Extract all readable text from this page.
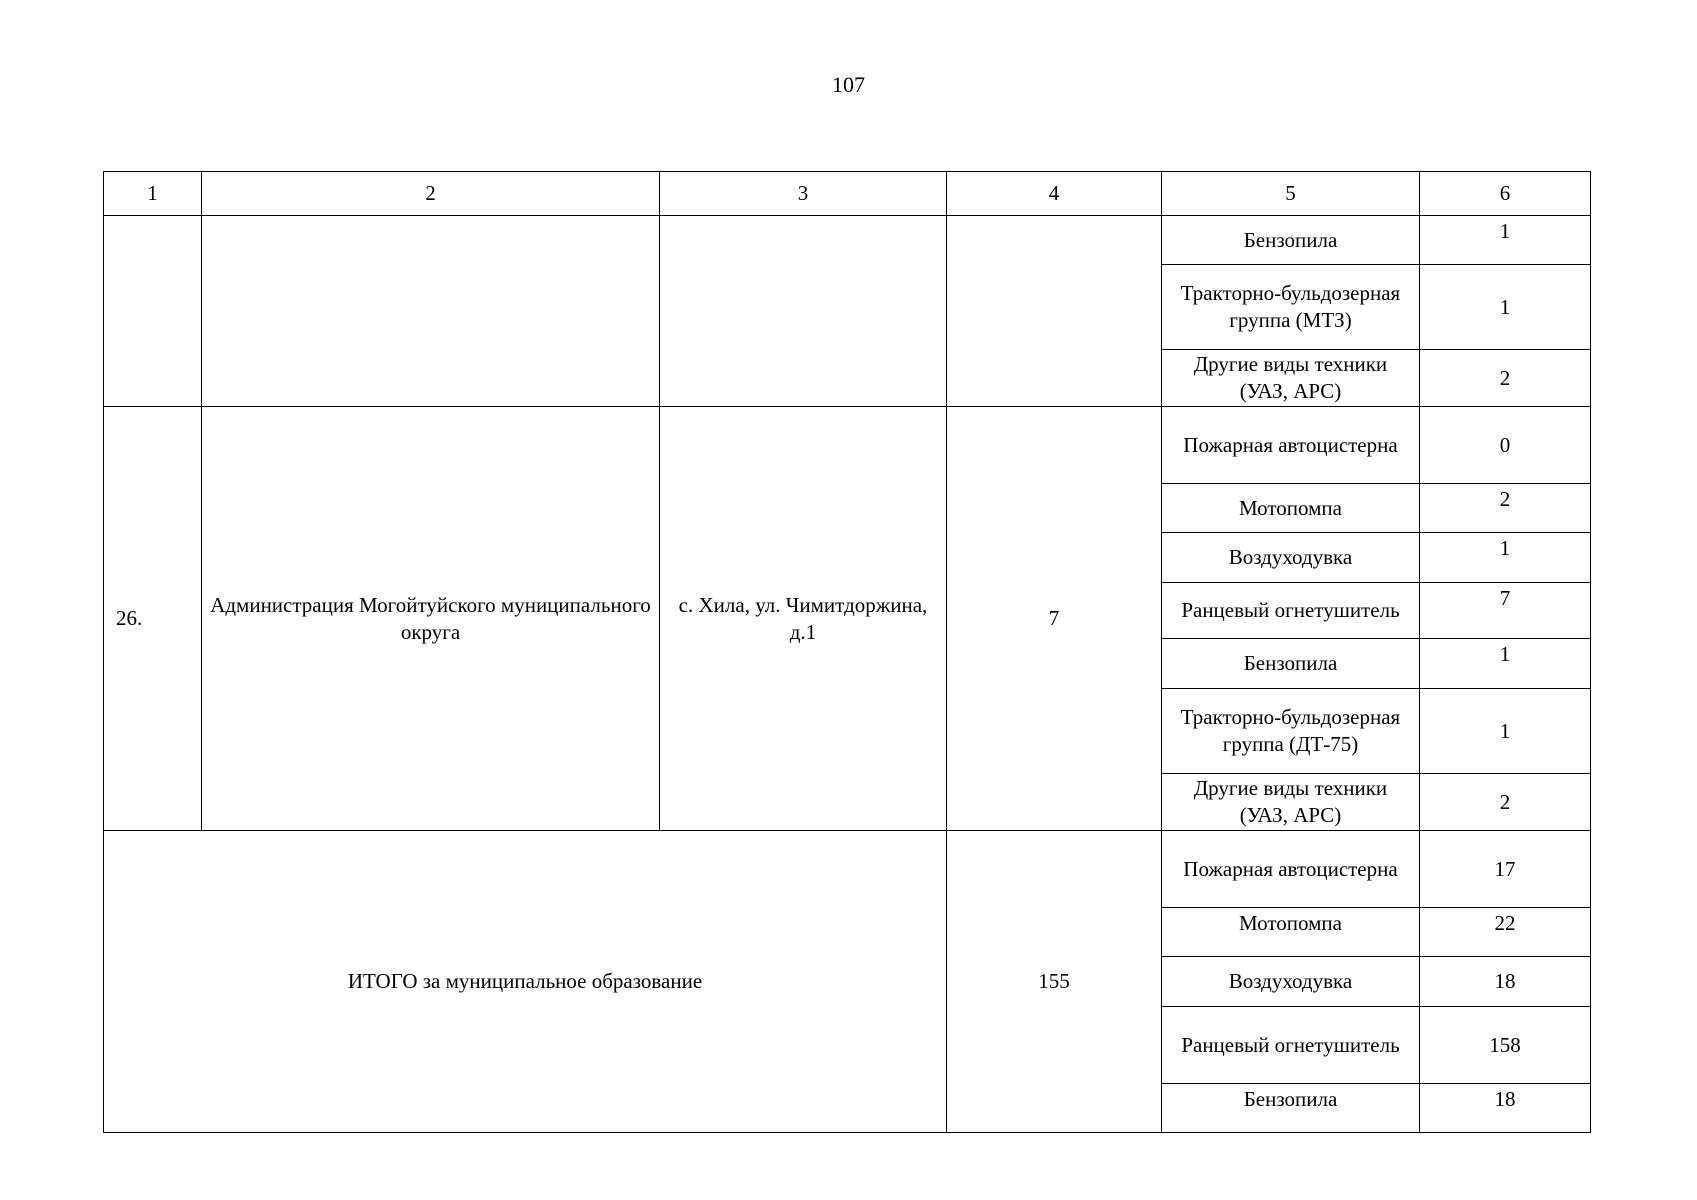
107
1	2	3	4	5	6
				Бензопила	1
				Тракторно-бульдозерная группа (МТЗ)	1
				Другие виды техники (УАЗ, АРС)	2
26.	Администрация Могойтуйского муниципального округа	с. Хила, ул. Чимитдоржина, д.1	7	Пожарная автоцистерна	0
				Мотопомпа	2
				Воздуходувка	1
				Ранцевый огнетушитель	7
				Бензопила	1
				Тракторно-бульдозерная группа (ДТ-75)	1
				Другие виды техники (УАЗ, АРС)	2
ИТОГО за муниципальное образование			155	Пожарная автоцистерна	17
				Мотопомпа	22
				Воздуходувка	18
				Ранцевый огнетушитель	158
				Бензопила	18
